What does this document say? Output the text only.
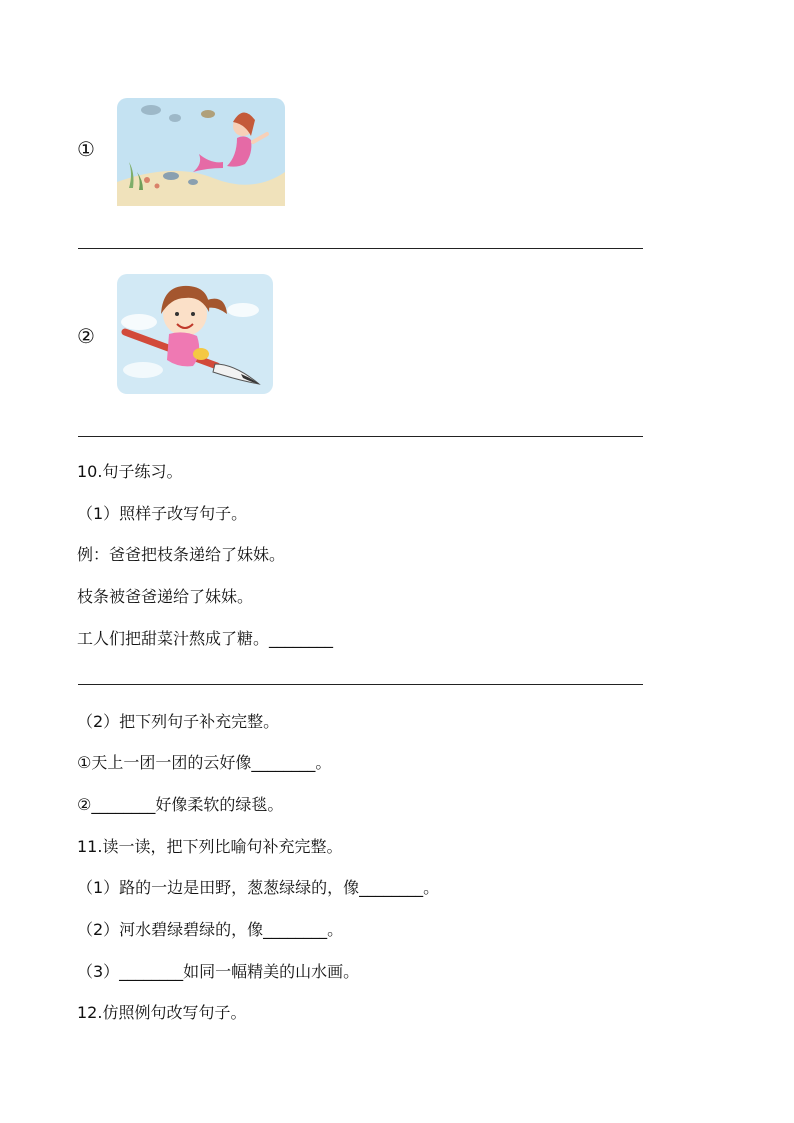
①
②
10.句子练习。
（1）照样子改写句子。
例：爸爸把枝条递给了妹妹。
枝条被爸爸递给了妹妹。
工人们把甜菜汁熬成了糖。________
（2）把下列句子补充完整。
①天上一团一团的云好像________。
②________好像柔软的绿毯。
11.读一读，把下列比喻句补充完整。
（1）路的一边是田野，葱葱绿绿的，像________。
（2）河水碧绿碧绿的，像________。
（3）________如同一幅精美的山水画。
12.仿照例句改写句子。
